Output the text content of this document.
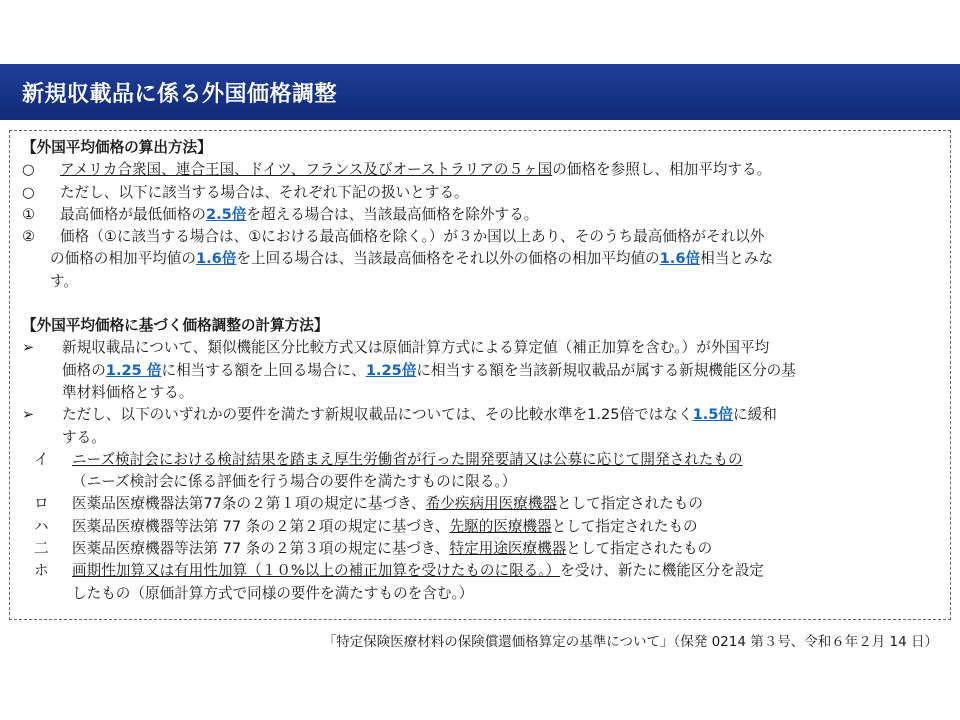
新規収載品に係る外国価格調整
【外国平均価格の算出方法】
○ アメリカ合衆国、連合王国、ドイツ、フランス及びオーストラリアの５ヶ国の価格を参照し、相加平均する。
○ ただし、以下に該当する場合は、それぞれ下記の扱いとする。
① 最高価格が最低価格の2.5倍を超える場合は、当該最高価格を除外する。
② 価格（①に該当する場合は、①における最高価格を除く。）が３か国以上あり、そのうち最高価格がそれ以外
の価格の相加平均値の1.6倍を上回る場合は、当該最高価格をそれ以外の価格の相加平均値の1.6倍相当とみな
す。
【外国平均価格に基づく価格調整の計算方法】
➢ 新規収載品について、類似機能区分比較方式又は原価計算方式による算定値（補正加算を含む。）が外国平均
価格の1.25 倍に相当する額を上回る場合に、1.25倍に相当する額を当該新規収載品が属する新規機能区分の基
準材料価格とする。
➢ ただし、以下のいずれかの要件を満たす新規収載品については、その比較水準を1.25倍ではなく1.5倍に緩和
する。
イ ニーズ検討会における検討結果を踏まえ厚生労働省が行った開発要請又は公募に応じて開発されたもの
（ニーズ検討会に係る評価を行う場合の要件を満たすものに限る。）
ロ 医薬品医療機器法第77条の２第１項の規定に基づき、希少疾病用医療機器として指定されたもの
ハ 医薬品医療機器等法第 77 条の２第２項の規定に基づき、先駆的医療機器として指定されたもの
二 医薬品医療機器等法第 77 条の２第３項の規定に基づき、特定用途医療機器として指定されたもの
ホ 画期性加算又は有用性加算（１０%以上の補正加算を受けたものに限る。）を受け、新たに機能区分を設定
したもの（原価計算方式で同様の要件を満たすものを含む。）
「特定保険医療材料の保険償還価格算定の基準について」（保発 0214 第３号、令和６年２月 14 日）
